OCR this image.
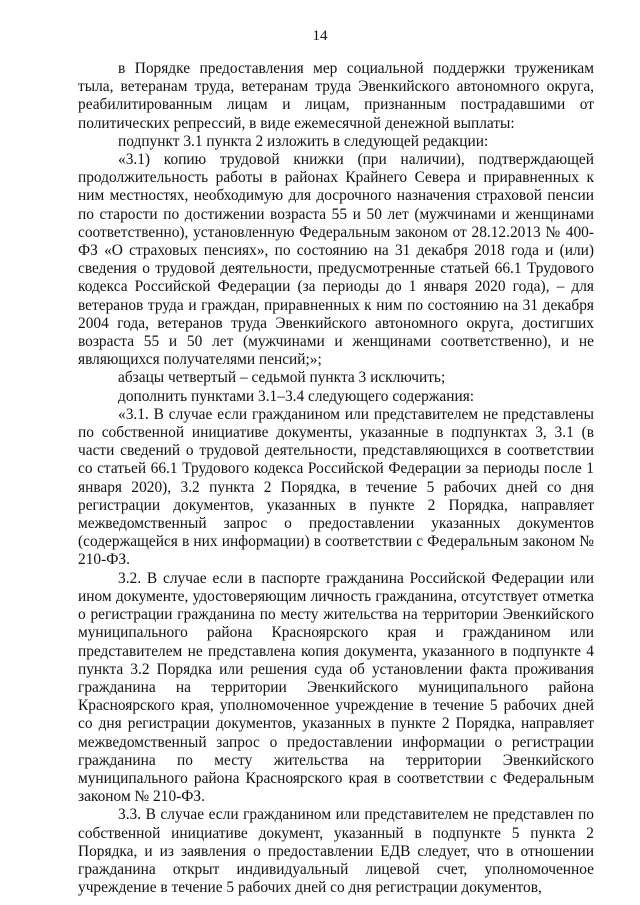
14

в Порядке предоставления мер социальной поддержки труженикам тыла, ветеранам труда, ветеранам труда Эвенкийского автономного округа, реабилитированным лицам и лицам, признанным пострадавшими от политических репрессий, в виде ежемесячной денежной выплаты:

подпункт 3.1 пункта 2 изложить в следующей редакции:

«3.1) копию трудовой книжки (при наличии), подтверждающей продолжительность работы в районах Крайнего Севера и приравненных к ним местностях, необходимую для досрочного назначения страховой пенсии по старости по достижении возраста 55 и 50 лет (мужчинами и женщинами соответственно), установленную Федеральным законом от 28.12.2013 № 400-ФЗ «О страховых пенсиях», по состоянию на 31 декабря 2018 года и (или) сведения о трудовой деятельности, предусмотренные статьей 66.1 Трудового кодекса Российской Федерации (за периоды до 1 января 2020 года), – для ветеранов труда и граждан, приравненных к ним по состоянию на 31 декабря 2004 года, ветеранов труда Эвенкийского автономного округа, достигших возраста 55 и 50 лет (мужчинами и женщинами соответственно), и не являющихся получателями пенсий;»;

абзацы четвертый – седьмой пункта 3 исключить;

дополнить пунктами 3.1–3.4 следующего содержания:

«3.1. В случае если гражданином или представителем не представлены по собственной инициативе документы, указанные в подпунктах 3, 3.1 (в части сведений о трудовой деятельности, представляющихся в соответствии со статьей 66.1 Трудового кодекса Российской Федерации за периоды после 1 января 2020), 3.2 пункта 2 Порядка, в течение 5 рабочих дней со дня регистрации документов, указанных в пункте 2 Порядка, направляет межведомственный запрос о предоставлении указанных документов (содержащейся в них информации) в соответствии с Федеральным законом № 210-ФЗ.

3.2. В случае если в паспорте гражданина Российской Федерации или ином документе, удостоверяющим личность гражданина, отсутствует отметка о регистрации гражданина по месту жительства на территории Эвенкийского муниципального района Красноярского края и гражданином или представителем не представлена копия документа, указанного в подпункте 4 пункта 3.2 Порядка или решения суда об установлении факта проживания гражданина на территории Эвенкийского муниципального района Красноярского края, уполномоченное учреждение в течение 5 рабочих дней со дня регистрации документов, указанных в пункте 2 Порядка, направляет межведомственный запрос о предоставлении информации о регистрации гражданина по месту жительства на территории Эвенкийского муниципального района Красноярского края в соответствии с Федеральным законом № 210-ФЗ.

3.3. В случае если гражданином или представителем не представлен по собственной инициативе документ, указанный в подпункте 5 пункта 2 Порядка, и из заявления о предоставлении ЕДВ следует, что в отношении гражданина открыт индивидуальный лицевой счет, уполномоченное учреждение в течение 5 рабочих дней со дня регистрации документов,
